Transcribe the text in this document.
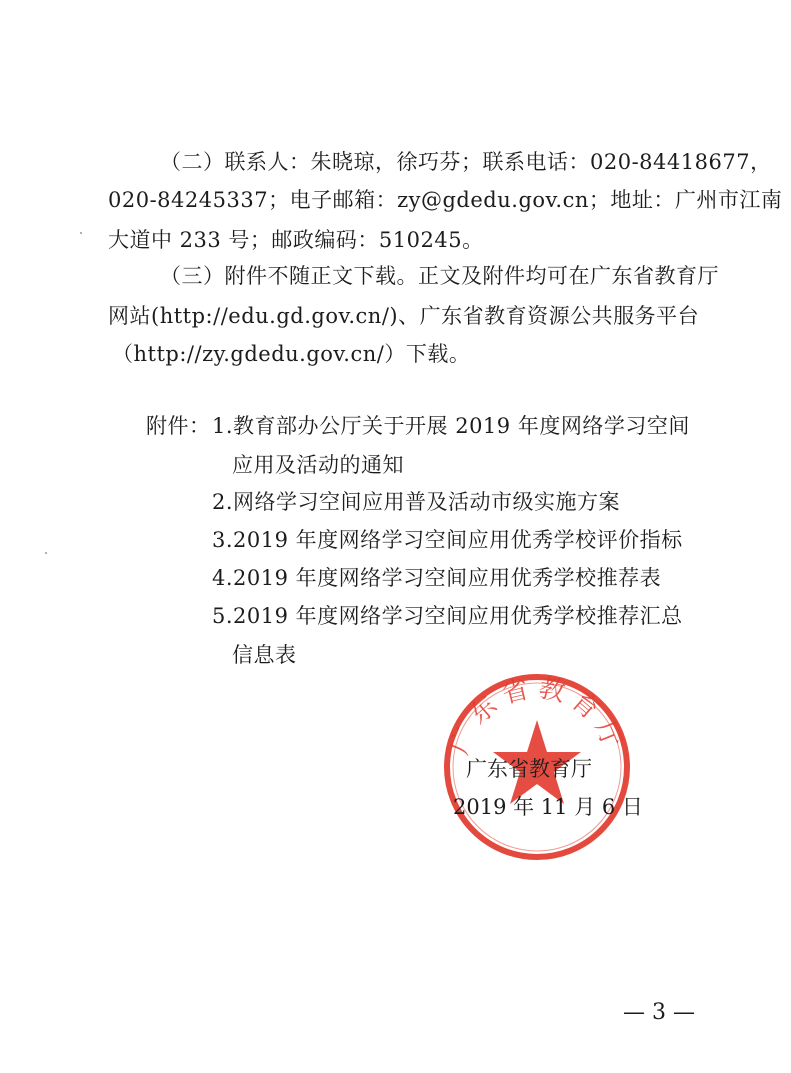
（二）联系人：朱晓琼，徐巧芬；联系电话：020-84418677，
020-84245337；电子邮箱：zy@gdedu.gov.cn；地址：广州市江南
大道中 233 号；邮政编码：510245。
（三）附件不随正文下载。正文及附件均可在广东省教育厅
网站(http://edu.gd.gov.cn/)、广东省教育资源公共服务平台
（http://zy.gdedu.gov.cn/）下载。
附件： 1.教育部办公厅关于开展 2019 年度网络学习空间
应用及活动的通知
2.网络学习空间应用普及活动市级实施方案
3.2019 年度网络学习空间应用优秀学校评价指标
4.2019 年度网络学习空间应用优秀学校推荐表
5.2019 年度网络学习空间应用优秀学校推荐汇总
信息表
广东省教育厅
广东省教育厅
2019 年 11 月 6 日
— 3 —
